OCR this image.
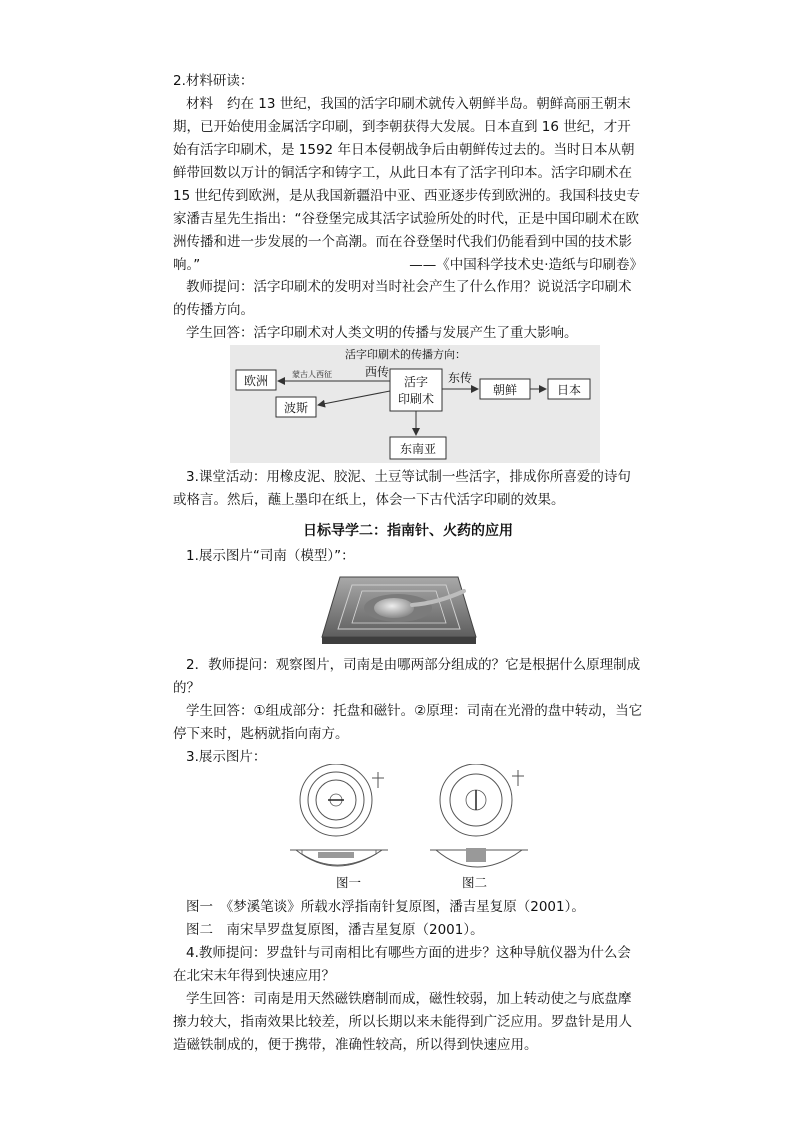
2.材料研读：
材料 约在 13 世纪，我国的活字印刷术就传入朝鲜半岛。朝鲜高丽王朝末期，已开始使用金属活字印刷，到李朝获得大发展。日本直到 16 世纪，才开始有活字印刷术，是 1592 年日本侵朝战争后由朝鲜传过去的。当时日本从朝鲜带回数以万计的铜活字和铸字工，从此日本有了活字刊印本。活字印刷术在 15 世纪传到欧洲，是从我国新疆沿中亚、西亚逐步传到欧洲的。我国科技史专家潘吉星先生指出：“谷登堡完成其活字试验所处的时代，正是中国印刷术在欧洲传播和进一步发展的一个高潮。而在谷登堡时代我们仍能看到中国的技术影响。”	——《中国科学技术史·造纸与印刷卷》
教师提问：活字印刷术的发明对当时社会产生了什么作用？说说活字印刷术的传播方向。
学生回答：活字印刷术对人类文明的传播与发展产生了重大影响。
活字印刷术的传播方向：
活字
印刷术
欧洲
波斯
朝鲜	日本
东南亚
蒙古人西征	西传	东传
3.课堂活动：用橡皮泥、胶泥、土豆等试制一些活字，排成你所喜爱的诗句或格言。然后，蘸上墨印在纸上，体会一下古代活字印刷的效果。
日标导学二：指南针、火药的应用
1.展示图片“司南（模型）”：
2．教师提问：观察图片，司南是由哪两部分组成的？它是根据什么原理制成的？
学生回答：①组成部分：托盘和磁针。②原理：司南在光滑的盘中转动，当它停下来时，匙柄就指向南方。
3.展示图片：
图一	图二
图一　《梦溪笔谈》所载水浮指南针复原图，潘吉星复原（2001）。
图二　南宋旱罗盘复原图，潘吉星复原（2001）。
4.教师提问：罗盘针与司南相比有哪些方面的进步？这种导航仪器为什么会在北宋末年得到快速应用？
学生回答：司南是用天然磁铁磨制而成，磁性较弱，加上转动使之与底盘摩擦力较大，指南效果比较差，所以长期以来未能得到广泛应用。罗盘针是用人造磁铁制成的，便于携带，准确性较高，所以得到快速应用。
